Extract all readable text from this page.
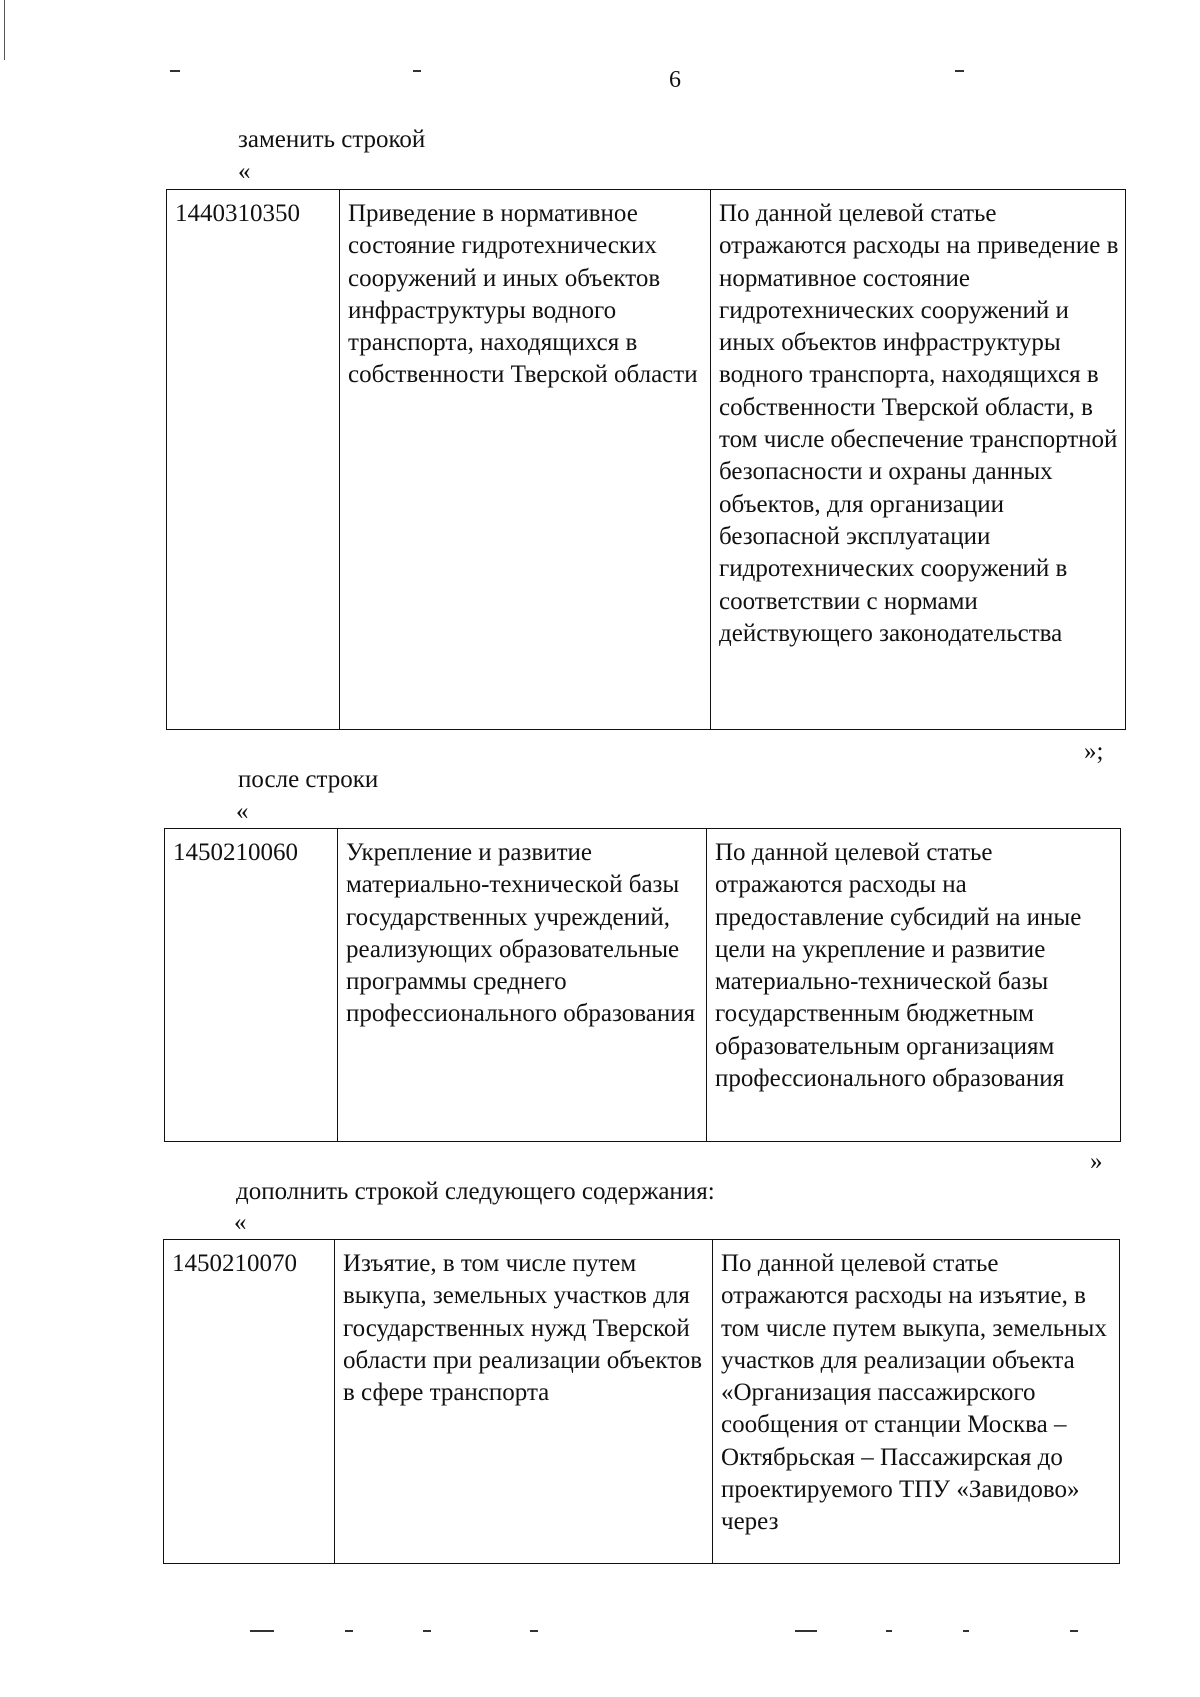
6
заменить строкой
«
1440310350	Приведение в нормативное состояние гидротехнических сооружений и иных объектов инфраструктуры водного транспорта, находящихся в собственности Тверской области	По данной целевой статье отражаются расходы на приведение в нормативное состояние гидротехнических сооружений и иных объектов инфраструктуры водного транспорта, находящихся в собственности Тверской области, в том числе обеспечение транспортной безопасности и охраны данных объектов, для организации безопасной эксплуатации гидротехнических сооружений в соответствии с нормами действующего законодательства
»;
после строки
«
1450210060	Укрепление и развитие материально-технической базы государственных учреждений, реализующих образовательные программы среднего профессионального образования	По данной целевой статье отражаются расходы на предоставление субсидий на иные цели на укрепление и развитие материально-технической базы государственным бюджетным образовательным организациям профессионального образования
»
дополнить строкой следующего содержания:
«
1450210070	Изъятие, в том числе путем выкупа, земельных участков для государственных нужд Тверской области при реализации объектов в сфере транспорта	По данной целевой статье отражаются расходы на изъятие, в том числе путем выкупа, земельных участков для реализации объекта «Организация пассажирского сообщения от станции Москва – Октябрьская – Пассажирская до проектируемого ТПУ «Завидово» через
